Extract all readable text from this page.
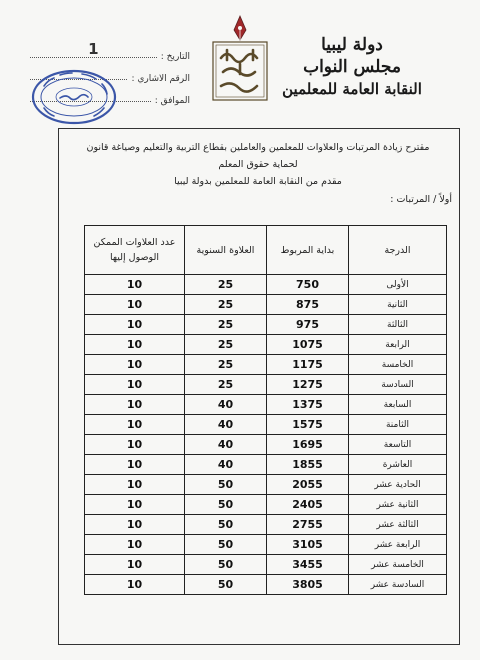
دولة ليبيا
مجلس النواب
النقابة العامة للمعلمين
التاريخ :
1
الرقم الاشاري :
الموافق :
مقترح زيادة المرتبات والعلاوات للمعلمين والعاملين بقطاع التربية والتعليم وصياغة قانون
لحماية حقوق المعلم
مقدم من النقابة العامة للمعلمين بدولة ليبيا
أولاً / المرتبات :
الدرجة	بداية المربوط	العلاوة السنوية	عدد العلاوات الممكن الوصول إليها
الأولى	750	25	10
الثانية	875	25	10
الثالثة	975	25	10
الرابعة	1075	25	10
الخامسة	1175	25	10
السادسة	1275	25	10
السابعة	1375	40	10
الثامنة	1575	40	10
التاسعة	1695	40	10
العاشرة	1855	40	10
الحادية عشر	2055	50	10
الثانية عشر	2405	50	10
الثالثة عشر	2755	50	10
الرابعة عشر	3105	50	10
الخامسة عشر	3455	50	10
السادسة عشر	3805	50	10
